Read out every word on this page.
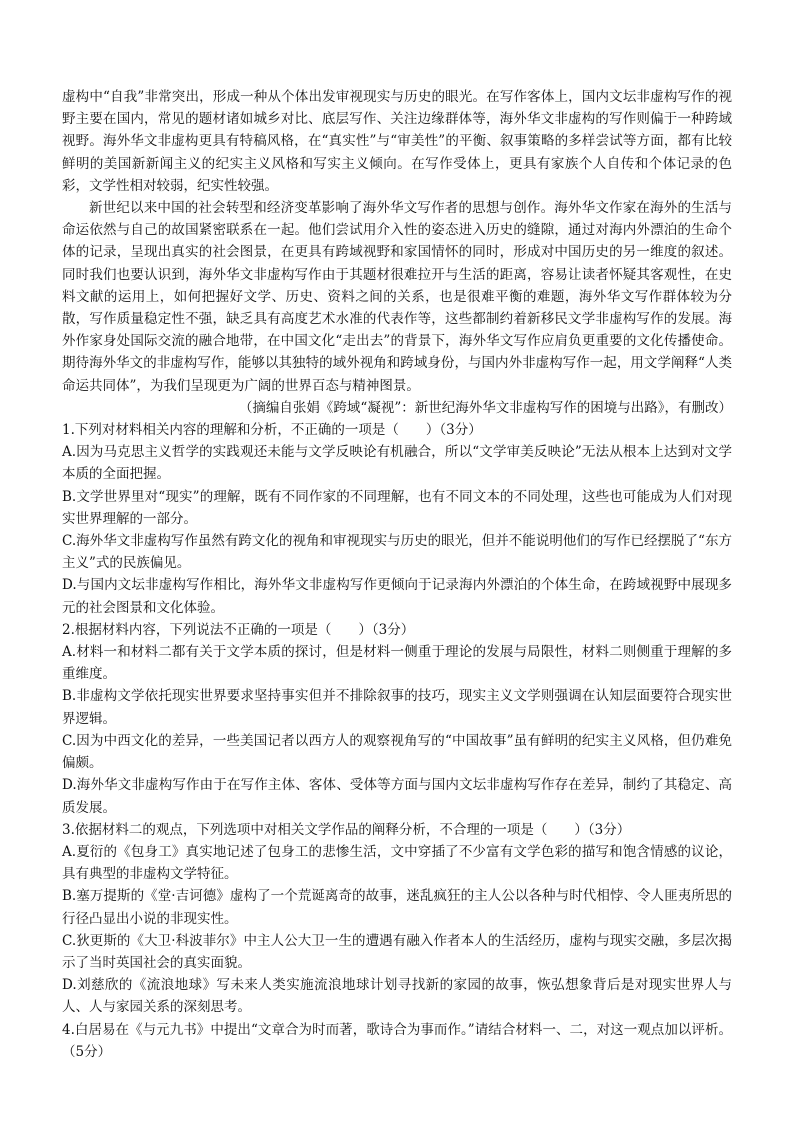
虚构中“自我”非常突出，形成一种从个体出发审视现实与历史的眼光。在写作客体上，国内文坛非虚构写作的视野主要在国内，常见的题材诸如城乡对比、底层写作、关注边缘群体等，海外华文非虚构的写作则偏于一种跨域视野。海外华文非虚构更具有特稿风格，在“真实性”与“审美性”的平衡、叙事策略的多样尝试等方面，都有比较鲜明的美国新新闻主义的纪实主义风格和写实主义倾向。在写作受体上，更具有家族个人自传和个体记录的色彩，文学性相对较弱，纪实性较强。

新世纪以来中国的社会转型和经济变革影响了海外华文写作者的思想与创作。海外华文作家在海外的生活与命运依然与自己的故国紧密联系在一起。他们尝试用介入性的姿态进入历史的缝隙，通过对海内外漂泊的生命个体的记录，呈现出真实的社会图景，在更具有跨域视野和家国情怀的同时，形成对中国历史的另一维度的叙述。同时我们也要认识到，海外华文非虚构写作由于其题材很难拉开与生活的距离，容易让读者怀疑其客观性，在史料文献的运用上，如何把握好文学、历史、资料之间的关系，也是很难平衡的难题，海外华文写作群体较为分散，写作质量稳定性不强，缺乏具有高度艺术水准的代表作等，这些都制约着新移民文学非虚构写作的发展。海外作家身处国际交流的融合地带，在中国文化“走出去”的背景下，海外华文写作应肩负更重要的文化传播使命。期待海外华文的非虚构写作，能够以其独特的域外视角和跨域身份，与国内外非虚构写作一起，用文学阐释“人类命运共同体”，为我们呈现更为广阔的世界百态与精神图景。

（摘编自张娟《跨域“凝视”：新世纪海外华文非虚构写作的困境与出路》，有删改）

1.下列对材料相关内容的理解和分析，不正确的一项是（　　）（3分）

A.因为马克思主义哲学的实践观还未能与文学反映论有机融合，所以“文学审美反映论”无法从根本上达到对文学本质的全面把握。

B.文学世界里对“现实”的理解，既有不同作家的不同理解，也有不同文本的不同处理，这些也可能成为人们对现实世界理解的一部分。

C.海外华文非虚构写作虽然有跨文化的视角和审视现实与历史的眼光，但并不能说明他们的写作已经摆脱了“东方主义”式的民族偏见。

D.与国内文坛非虚构写作相比，海外华文非虚构写作更倾向于记录海内外漂泊的个体生命，在跨域视野中展现多元的社会图景和文化体验。

2.根据材料内容，下列说法不正确的一项是（　　）（3分）

A.材料一和材料二都有关于文学本质的探讨，但是材料一侧重于理论的发展与局限性，材料二则侧重于理解的多重维度。

B.非虚构文学依托现实世界要求坚持事实但并不排除叙事的技巧，现实主义文学则强调在认知层面要符合现实世界逻辑。

C.因为中西文化的差异，一些美国记者以西方人的观察视角写的“中国故事”虽有鲜明的纪实主义风格，但仍难免偏颇。

D.海外华文非虚构写作由于在写作主体、客体、受体等方面与国内文坛非虚构写作存在差异，制约了其稳定、高质发展。

3.依据材料二的观点，下列选项中对相关文学作品的阐释分析，不合理的一项是（　　）（3分）

A.夏衍的《包身工》真实地记述了包身工的悲惨生活，文中穿插了不少富有文学色彩的描写和饱含情感的议论，具有典型的非虚构文学特征。

B.塞万提斯的《堂·吉诃德》虚构了一个荒诞离奇的故事，迷乱疯狂的主人公以各种与时代相悖、令人匪夷所思的行径凸显出小说的非现实性。

C.狄更斯的《大卫·科波菲尔》中主人公大卫一生的遭遇有融入作者本人的生活经历，虚构与现实交融，多层次揭示了当时英国社会的真实面貌。

D.刘慈欣的《流浪地球》写未来人类实施流浪地球计划寻找新的家园的故事，恢弘想象背后是对现实世界人与人、人与家园关系的深刻思考。

4.白居易在《与元九书》中提出“文章合为时而著，歌诗合为事而作。”请结合材料一、二，对这一观点加以评析。（5分）
